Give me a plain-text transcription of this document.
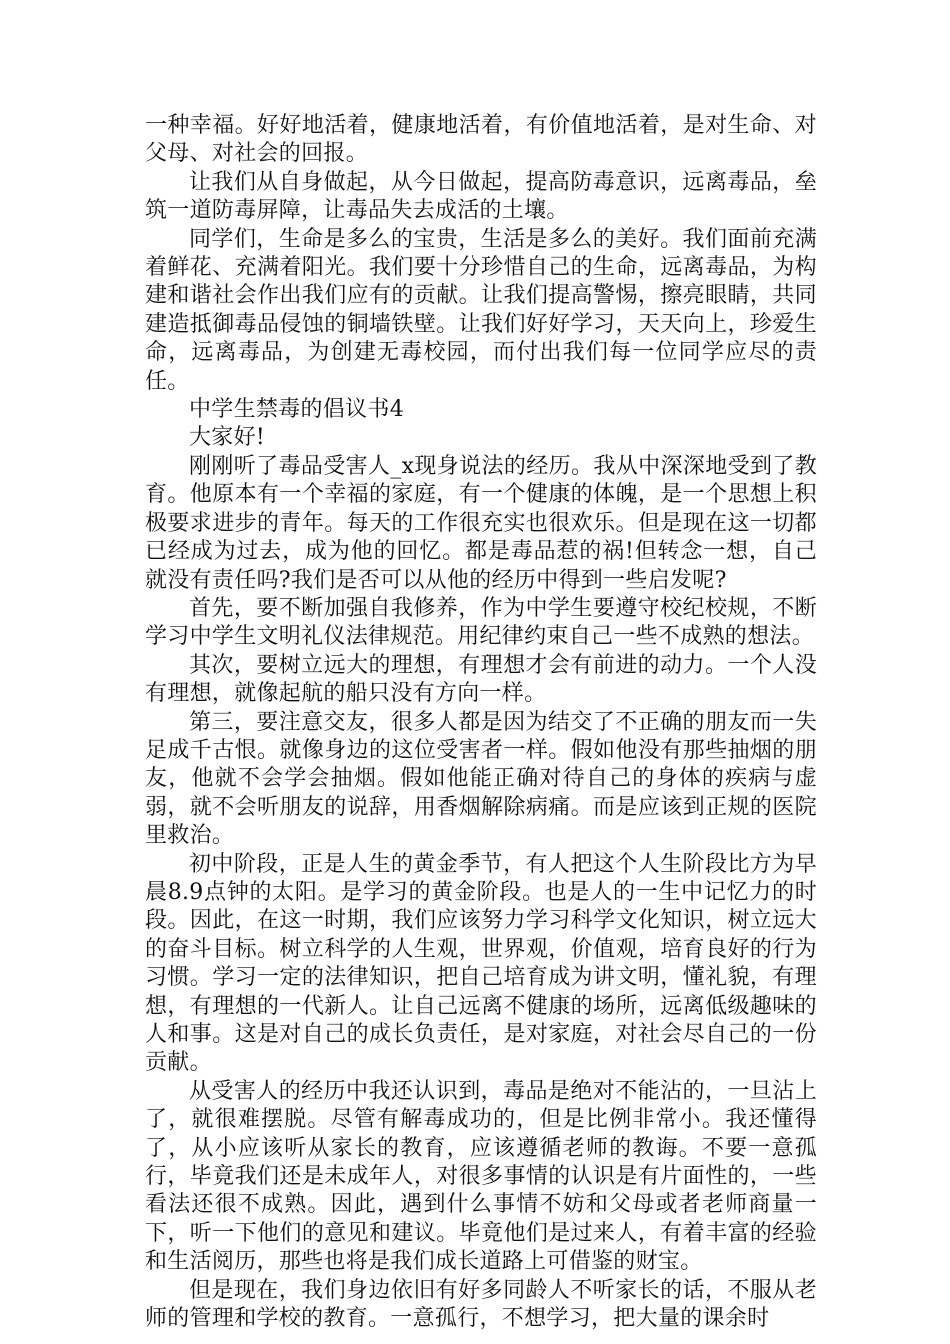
一种幸福。好好地活着，健康地活着，有价值地活着，是对生命、对父母、对社会的回报。

让我们从自身做起，从今日做起，提高防毒意识，远离毒品，垒筑一道防毒屏障，让毒品失去成活的土壤。

同学们，生命是多么的宝贵，生活是多么的美好。我们面前充满着鲜花、充满着阳光。我们要十分珍惜自己的生命，远离毒品，为构建和谐社会作出我们应有的贡献。让我们提高警惕，擦亮眼睛，共同建造抵御毒品侵蚀的铜墙铁壁。让我们好好学习，天天向上，珍爱生命，远离毒品，为创建无毒校园，而付出我们每一位同学应尽的责任。

中学生禁毒的倡议书4

大家好!

刚刚听了毒品受害人_x现身说法的经历。我从中深深地受到了教育。他原本有一个幸福的家庭，有一个健康的体魄，是一个思想上积极要求进步的青年。每天的工作很充实也很欢乐。但是现在这一切都已经成为过去，成为他的回忆。都是毒品惹的祸!但转念一想，自己就没有责任吗?我们是否可以从他的经历中得到一些启发呢?

首先，要不断加强自我修养，作为中学生要遵守校纪校规，不断学习中学生文明礼仪法律规范。用纪律约束自己一些不成熟的想法。

其次，要树立远大的理想，有理想才会有前进的动力。一个人没有理想，就像起航的船只没有方向一样。

第三，要注意交友，很多人都是因为结交了不正确的朋友而一失足成千古恨。就像身边的这位受害者一样。假如他没有那些抽烟的朋友，他就不会学会抽烟。假如他能正确对待自己的身体的疾病与虚弱，就不会听朋友的说辞，用香烟解除病痛。而是应该到正规的医院里救治。

初中阶段，正是人生的黄金季节，有人把这个人生阶段比方为早晨8.9点钟的太阳。是学习的黄金阶段。也是人的一生中记忆力的时段。因此，在这一时期，我们应该努力学习科学文化知识，树立远大的奋斗目标。树立科学的人生观，世界观，价值观，培育良好的行为习惯。学习一定的法律知识，把自己培育成为讲文明，懂礼貌，有理想，有理想的一代新人。让自己远离不健康的场所，远离低级趣味的人和事。这是对自己的成长负责任，是对家庭，对社会尽自己的一份贡献。

从受害人的经历中我还认识到，毒品是绝对不能沾的，一旦沾上了，就很难摆脱。尽管有解毒成功的，但是比例非常小。我还懂得了，从小应该听从家长的教育，应该遵循老师的教诲。不要一意孤行，毕竟我们还是未成年人，对很多事情的认识是有片面性的，一些看法还很不成熟。因此，遇到什么事情不妨和父母或者老师商量一下，听一下他们的意见和建议。毕竟他们是过来人，有着丰富的经验和生活阅历，那些也将是我们成长道路上可借鉴的财宝。

但是现在，我们身边依旧有好多同龄人不听家长的话，不服从老师的管理和学校的教育。一意孤行，不想学习，把大量的课余时
